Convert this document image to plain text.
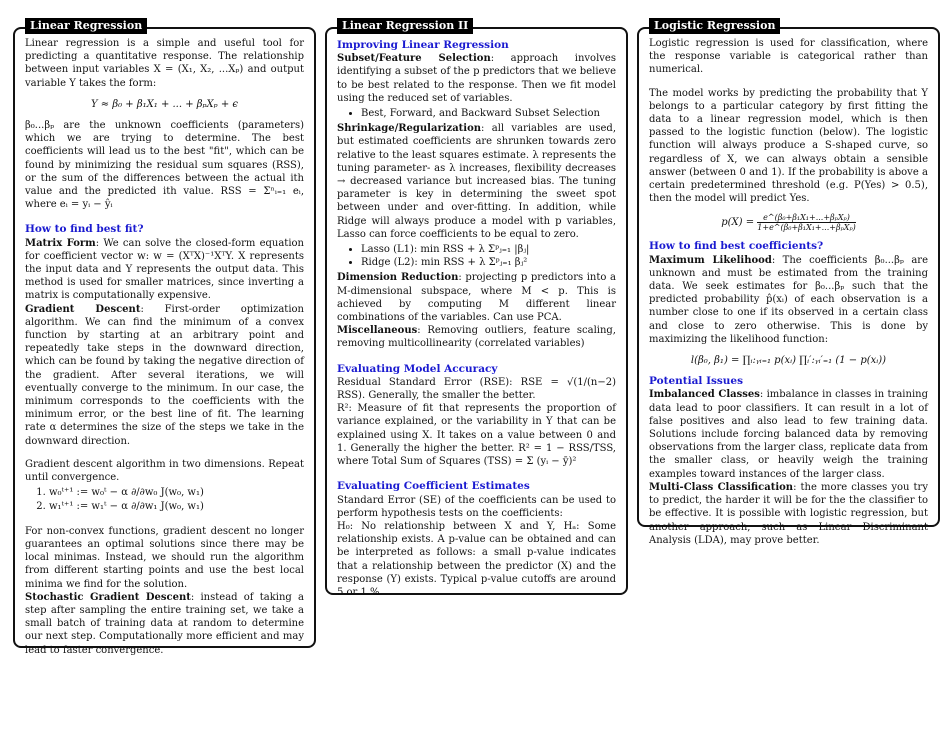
Linear Regression

Linear regression is a simple and useful tool for predicting a quantitative response. The relationship between input variables X = (X₁, X₂, ...Xₚ) and output variable Y takes the form:

Y ≈ β₀ + β₁X₁ + ... + βₚXₚ + ϵ

β₀...βₚ are the unknown coefficients (parameters) which we are trying to determine. The best coefficients will lead us to the best "fit", which can be found by minimizing the residual sum squares (RSS), or the sum of the differences between the actual ith value and the predicted ith value. RSS = Σⁿᵢ₌₁ eᵢ, where eᵢ = yᵢ − ŷᵢ

How to find best fit?

Matrix Form: We can solve the closed-form equation for coefficient vector w: w = (XᵀX)⁻¹XᵀY. X represents the input data and Y represents the output data. This method is used for smaller matrices, since inverting a matrix is computationally expensive.

Gradient Descent: First-order optimization algorithm. We can find the minimum of a convex function by starting at an arbitrary point and repeatedly take steps in the downward direction, which can be found by taking the negative direction of the gradient. After several iterations, we will eventually converge to the minimum. In our case, the minimum corresponds to the coefficients with the minimum error, or the best line of fit. The learning rate α determines the size of the steps we take in the downward direction.

Gradient descent algorithm in two dimensions. Repeat until convergence.

1. w₀ᵗ⁺¹ := w₀ᵗ − α ∂/∂w₀ J(w₀, w₁)
2. w₁ᵗ⁺¹ := w₁ᵗ − α ∂/∂w₁ J(w₀, w₁)

For non-convex functions, gradient descent no longer guarantees an optimal solutions since there may be local minimas. Instead, we should run the algorithm from different starting points and use the best local minima we find for the solution.

Stochastic Gradient Descent: instead of taking a step after sampling the entire training set, we take a small batch of training data at random to determine our next step. Computationally more efficient and may lead to faster convergence.

Linear Regression II
Improving Linear Regression

Subset/Feature Selection: approach involves identifying a subset of the p predictors that we believe to be best related to the response. Then we fit model using the reduced set of variables.

• Best, Forward, and Backward Subset Selection

Shrinkage/Regularization: all variables are used, but estimated coefficients are shrunken towards zero relative to the least squares estimate. λ represents the tuning parameter- as λ increases, flexibility decreases → decreased variance but increased bias. The tuning parameter is key in determining the sweet spot between under and over-fitting. In addition, while Ridge will always produce a model with p variables, Lasso can force coefficients to be equal to zero.

• Lasso (L1): min RSS + λ Σᵖⱼ₌₁ |βⱼ|
• Ridge (L2): min RSS + λ Σᵖⱼ₌₁ βⱼ²

Dimension Reduction: projecting p predictors into a M-dimensional subspace, where M < p. This is achieved by computing M different linear combinations of the variables. Can use PCA.

Miscellaneous: Removing outliers, feature scaling, removing multicollinearity (correlated variables)

Evaluating Model Accuracy

Residual Standard Error (RSE): RSE = √(1/(n−2) RSS). Generally, the smaller the better.

R²: Measure of fit that represents the proportion of variance explained, or the variability in Y that can be explained using X. It takes on a value between 0 and 1. Generally the higher the better. R² = 1 − RSS/TSS, where Total Sum of Squares (TSS) = Σ (yᵢ − ȳ)²

Evaluating Coefficient Estimates

Standard Error (SE) of the coefficients can be used to perform hypothesis tests on the coefficients:

H₀: No relationship between X and Y, Hₐ: Some relationship exists. A p-value can be obtained and can be interpreted as follows: a small p-value indicates that a relationship between the predictor (X) and the response (Y) exists. Typical p-value cutoffs are around 5 or 1 %.

Logistic Regression

Logistic regression is used for classification, where the response variable is categorical rather than numerical.

The model works by predicting the probability that Y belongs to a particular category by first fitting the data to a linear regression model, which is then passed to the logistic function (below). The logistic function will always produce a S-shaped curve, so regardless of X, we can always obtain a sensible answer (between 0 and 1). If the probability is above a certain predetermined threshold (e.g. P(Yes) > 0.5), then the model will predict Yes.

$p(X) = \frac{\text{e\textasciicircum{}(β₀+β₁X₁+...+βₚXₚ)}}{\text{1+e\textasciicircum{}(β₀+β₁X₁+...+βₚXₚ)}}$
How to find best coefficients?

Maximum Likelihood: The coefficients β₀...βₚ are unknown and must be estimated from the training data. We seek estimates for β₀...βₚ such that the predicted probability p̂(xᵢ) of each observation is a number close to one if its observed in a certain class and close to zero otherwise. This is done by maximizing the likelihood function:

l(β₀, β₁) = ∏ᵢ:ᵧᵢ₌₁ p(xᵢ) ∏ᵢ′:ᵧᵢ′₌₁ (1 − p(xᵢ))
Potential Issues

Imbalanced Classes: imbalance in classes in training data lead to poor classifiers. It can result in a lot of false positives and also lead to few training data. Solutions include forcing balanced data by removing observations from the larger class, replicate data from the smaller class, or heavily weigh the training examples toward instances of the larger class.

Multi-Class Classification: the more classes you try to predict, the harder it will be for the the classifier to be effective. It is possible with logistic regression, but another approach, such as Linear Discriminant Analysis (LDA), may prove better.
